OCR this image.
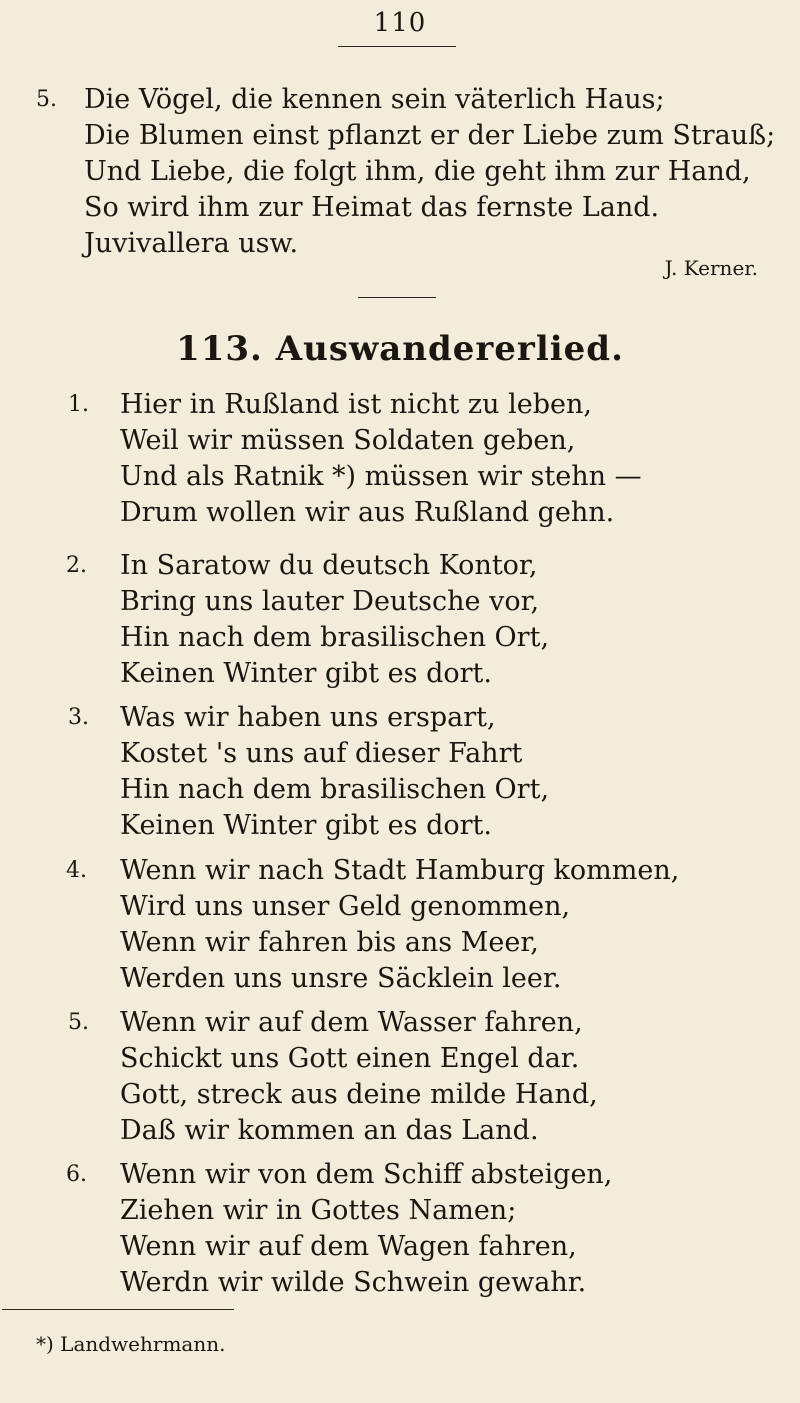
110
5. Die Vögel, die kennen sein väterlich Haus;
Die Blumen einst pflanzt er der Liebe zum Strauß;
Und Liebe, die folgt ihm, die geht ihm zur Hand,
So wird ihm zur Heimat das fernste Land.
Juvivallera usw.
J. Kerner.
113. Auswandererlied.
1. Hier in Rußland ist nicht zu leben,
Weil wir müssen Soldaten geben,
Und als Ratnik *) müssen wir stehn —
Drum wollen wir aus Rußland gehn.
2. In Saratow du deutsch Kontor,
Bring uns lauter Deutsche vor,
Hin nach dem brasilischen Ort,
Keinen Winter gibt es dort.
3. Was wir haben uns erspart,
Kostet 's uns auf dieser Fahrt
Hin nach dem brasilischen Ort,
Keinen Winter gibt es dort.
4. Wenn wir nach Stadt Hamburg kommen,
Wird uns unser Geld genommen,
Wenn wir fahren bis ans Meer,
Werden uns unsre Säcklein leer.
5. Wenn wir auf dem Wasser fahren,
Schickt uns Gott einen Engel dar.
Gott, streck aus deine milde Hand,
Daß wir kommen an das Land.
6. Wenn wir von dem Schiff absteigen,
Ziehen wir in Gottes Namen;
Wenn wir auf dem Wagen fahren,
Werdn wir wilde Schwein gewahr.
*) Landwehrmann.
